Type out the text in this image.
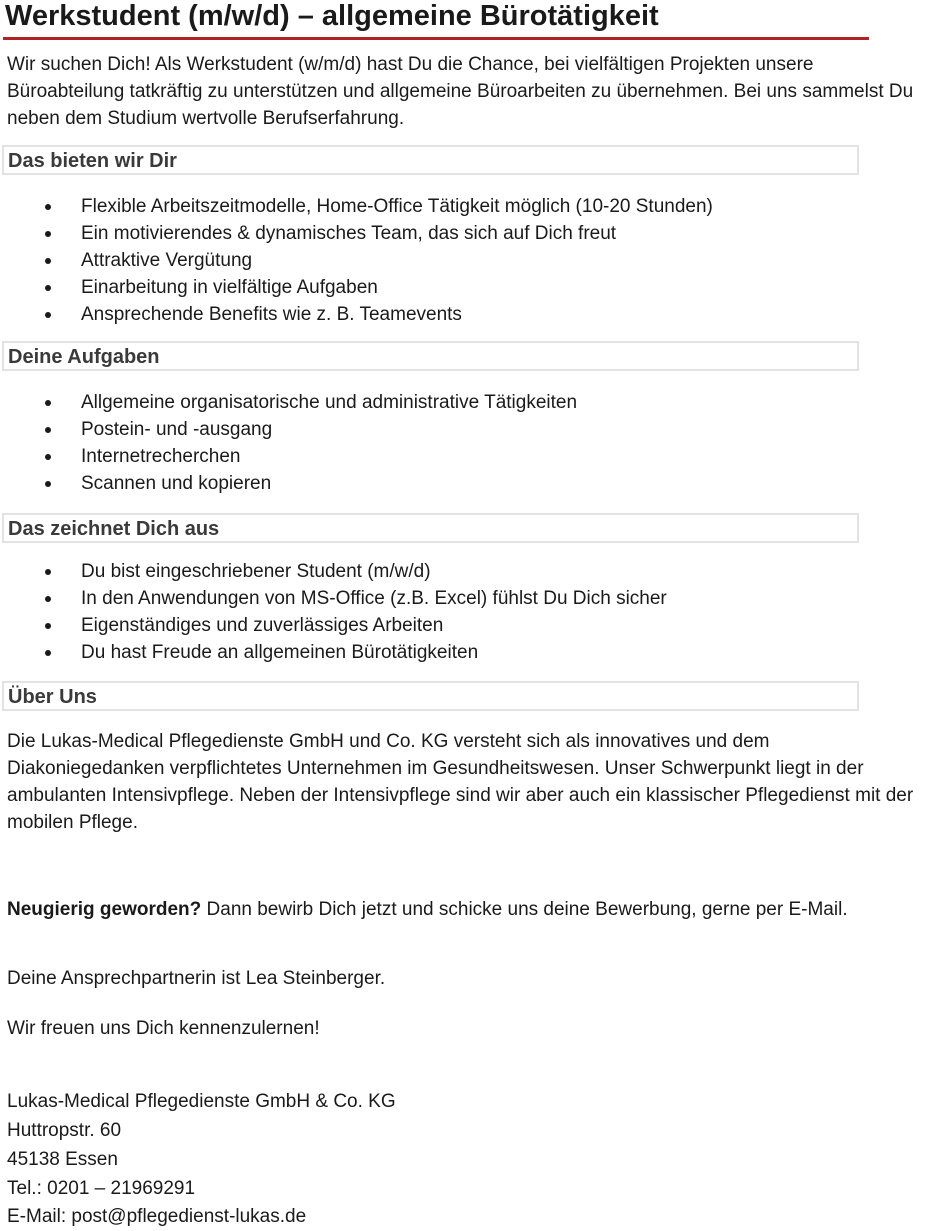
Werkstudent (m/w/d) – allgemeine Bürotätigkeit

Wir suchen Dich! Als Werkstudent (w/m/d) hast Du die Chance, bei vielfältigen Projekten unsere Büroabteilung tatkräftig zu unterstützen und allgemeine Büroarbeiten zu übernehmen. Bei uns sammelst Du neben dem Studium wertvolle Berufserfahrung.

Das bieten wir Dir
Flexible Arbeitszeitmodelle, Home-Office Tätigkeit möglich (10-20 Stunden)
Ein motivierendes & dynamisches Team, das sich auf Dich freut
Attraktive Vergütung
Einarbeitung in vielfältige Aufgaben
Ansprechende Benefits wie z. B. Teamevents
Deine Aufgaben
Allgemeine organisatorische und administrative Tätigkeiten
Postein- und -ausgang
Internetrecherchen
Scannen und kopieren
Das zeichnet Dich aus
Du bist eingeschriebener Student (m/w/d)
In den Anwendungen von MS-Office (z.B. Excel) fühlst Du Dich sicher
Eigenständiges und zuverlässiges Arbeiten
Du hast Freude an allgemeinen Bürotätigkeiten
Über Uns

Die Lukas-Medical Pflegedienste GmbH und Co. KG versteht sich als innovatives und dem Diakoniegedanken verpflichtetes Unternehmen im Gesundheitswesen. Unser Schwerpunkt liegt in der ambulanten Intensivpflege. Neben der Intensivpflege sind wir aber auch ein klassischer Pflegedienst mit der mobilen Pflege.

Neugierig geworden? Dann bewirb Dich jetzt und schicke uns deine Bewerbung, gerne per E-Mail.

Deine Ansprechpartnerin ist Lea Steinberger.

Wir freuen uns Dich kennenzulernen!

Lukas-Medical Pflegedienste GmbH & Co. KG

Huttropstr. 60

45138 Essen

Tel.: 0201 – 21969291

E-Mail: post@pflegedienst-lukas.de
